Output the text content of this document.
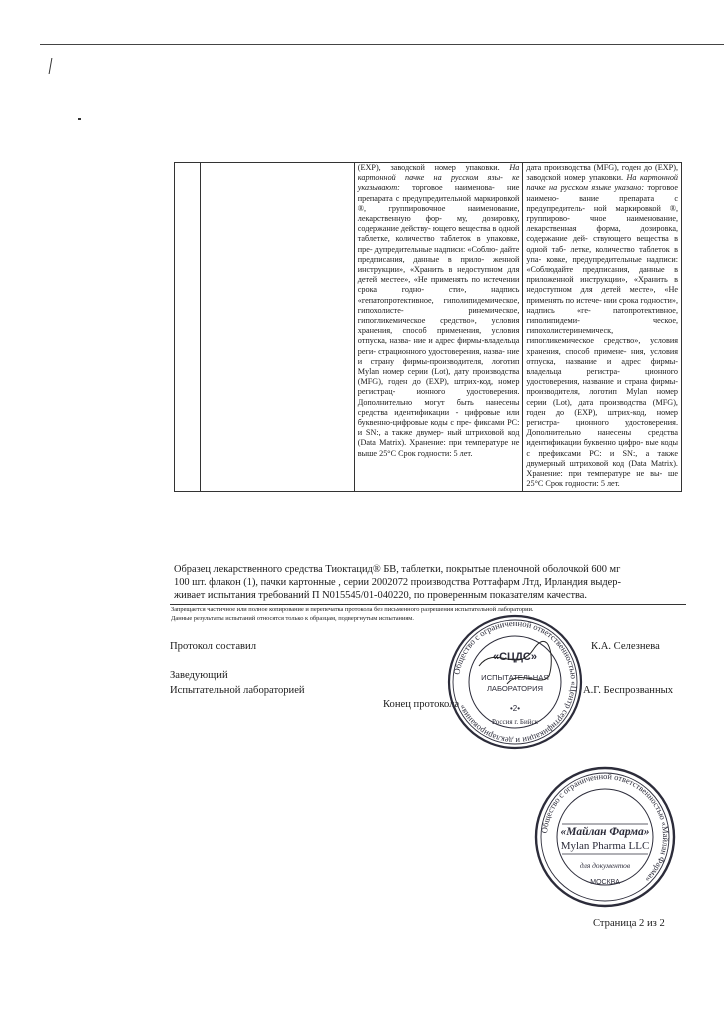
		(EXP), заводской номер упаковки. На картонной пачке на русском язы- ке указывают: торговое наименова- ние препарата с предупредительной маркировкой ®, группировочное наименование, лекарственную фор- му, дозировку, содержание действу- ющего вещества в одной таблетке, количество таблеток в упаковке, пре- дупредительные надписи: «Соблю- дайте предписания, данные в прило- женной инструкции», «Хранить в недоступном для детей местее», «Не применять по истечении срока годно- сти», надпись «гепатопротективное, гиполипидемическое, гипохолисте- ринемическое, гипогликемическое средство», условия хранения, способ применения, условия отпуска, назва- ние и адрес фирмы-владельца реги- страционного удостоверения, назва- ние и страну фирмы-производителя, логотип Mylan номер серии (Lot), дату производства (MFG), годен до (EXP), штрих-код, номер регистрац- ионного удостоверения. Дополнительно могут быть нанесены средства идентификации - цифровые или буквенно-цифровые коды с пре- фиксами PC: и SN:, а также двумер- ный штриховой код (Data Matrix). Хранение: при температуре не выше 25°С Срок годности: 5 лет.	дата производства (MFG), годен до (EXP), заводской номер упаковки. На картонной пачке на русском языке указано: торговое наимено- вание препарата с предупредитель- ной маркировкой ®, группирово- чное наименование, лекарственная форма, дозировка, содержание дей- ствующего вещества в одной таб- летке, количество таблеток в упа- ковке, предупредительные надписи: «Соблюдайте предписания, данные в приложенной инструкции», «Хранить в недоступном для детей месте», «Не применять по истече- нии срока годности», надпись «ге- патопротективное, гиполипидеми- ческое, гипохолистеринемическ, гипогликемическое средство», условия хранения, способ примене- ния, условия отпуска, название и адрес фирмы-владельца регистра- ционного удостоверения, название и страна фирмы-производителя, логотип Mylan номер серии (Lot), дата производства (MFG), годен до (EXP), штрих-код, номер регистра- ционного удостоверения. Дополнительно нанесены средства идентификации буквенно цифро- вые коды с префиксами PC: и SN:, а также двумерный штриховой код (Data Matrix). Хранение: при температуре не вы- ше 25°С Срок годности: 5 лет.
Образец лекарственного средства Тиоктацид® БВ, таблетки, покрытые пленочной оболочкой 600 мг
100 шт. флакон (1), пачки картонные , серии 2002072 производства Роттафарм Лтд, Ирландия выдер-
живает испытания требований П N015545/01-040220, по проверенным показателям качества.
Запрещается частичное или полное копирование и перепечатка протокола без письменного разрешения испытательной лаборатории.
Данные результаты испытаний относятся только к образцам, подвергнутым испытаниям.
Протокол составил	К.А. Селезнева
Заведующий
Испытательной лабораторией	А.Г. Беспрозванных
Конец протокола
Общество с ограниченной ответственностью «Центр сертификации и декларирования»
«СЦДС»
ИСПЫТАТЕЛЬНАЯ
ЛАБОРАТОРИЯ
•2•
Россия г. Бийск
Общество с ограниченной ответственностью «Майлан Фарма»
«Майлан Фарма»
Mylan Pharma LLC
для документов
МОСКВА
Страница 2 из 2
